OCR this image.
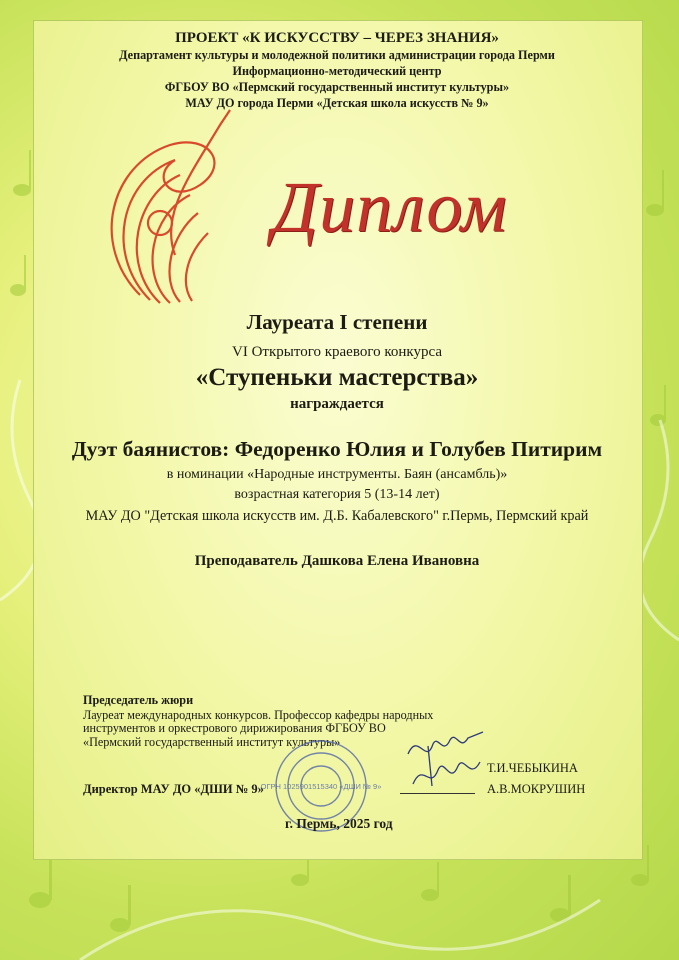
ПРОЕКТ «К ИСКУССТВУ – ЧЕРЕЗ ЗНАНИЯ»
Департамент культуры и молодежной политики администрации города Перми
Информационно-методический центр
ФГБОУ ВО «Пермский государственный институт культуры»
МАУ ДО города Перми «Детская школа искусств № 9»
Диплом
Лауреата I степени
VI Открытого краевого конкурса
«Ступеньки мастерства»
награждается
Дуэт баянистов: Федоренко Юлия и Голубев Питирим
в номинации «Народные инструменты. Баян (ансамбль)»
возрастная категория 5 (13-14 лет)
МАУ ДО "Детская школа искусств им. Д.Б. Кабалевского" г.Пермь, Пермский край
Преподаватель Дашкова Елена Ивановна
Председатель жюри
Лауреат международных конкурсов. Профессор кафедры народных
инструментов и оркестрового дирижирования ФГБОУ ВО
«Пермский государственный институт культуры»
Т.И.ЧЕБЫКИНА
Директор МАУ ДО «ДШИ № 9»	А.В.МОКРУШИН
ОГРН 1025901515340 «ДШИ № 9»
г. Пермь, 2025 год
